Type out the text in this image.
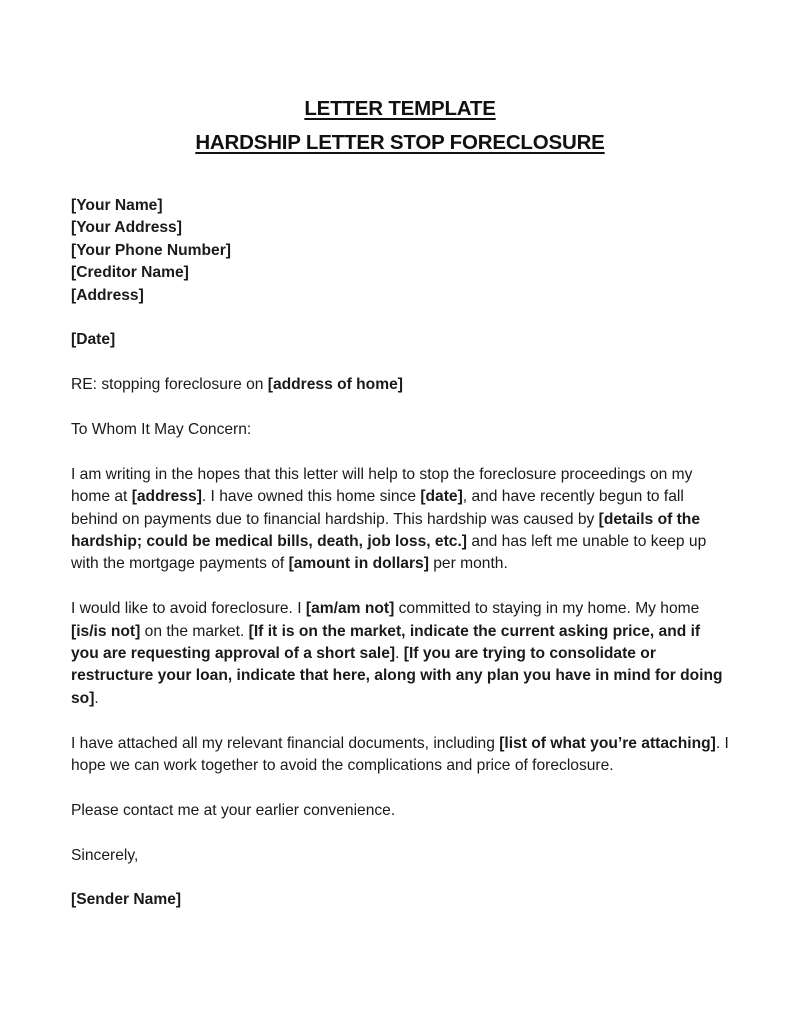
LETTER TEMPLATE
HARDSHIP LETTER STOP FORECLOSURE

[Your Name]

[Your Address]

[Your Phone Number]

[Creditor Name]

[Address]

[Date]

RE: stopping foreclosure on [address of home]

To Whom It May Concern:

I am writing in the hopes that this letter will help to stop the foreclosure proceedings on my home at [address]. I have owned this home since [date], and have recently begun to fall behind on payments due to financial hardship. This hardship was caused by [details of the hardship; could be medical bills, death, job loss, etc.] and has left me unable to keep up with the mortgage payments of [amount in dollars] per month.

I would like to avoid foreclosure. I [am/am not] committed to staying in my home. My home [is/is not] on the market. [If it is on the market, indicate the current asking price, and if you are requesting approval of a short sale]. [If you are trying to consolidate or restructure your loan, indicate that here, along with any plan you have in mind for doing so].

I have attached all my relevant financial documents, including [list of what you’re attaching]. I hope we can work together to avoid the complications and price of foreclosure.

Please contact me at your earlier convenience.

Sincerely,

[Sender Name]
